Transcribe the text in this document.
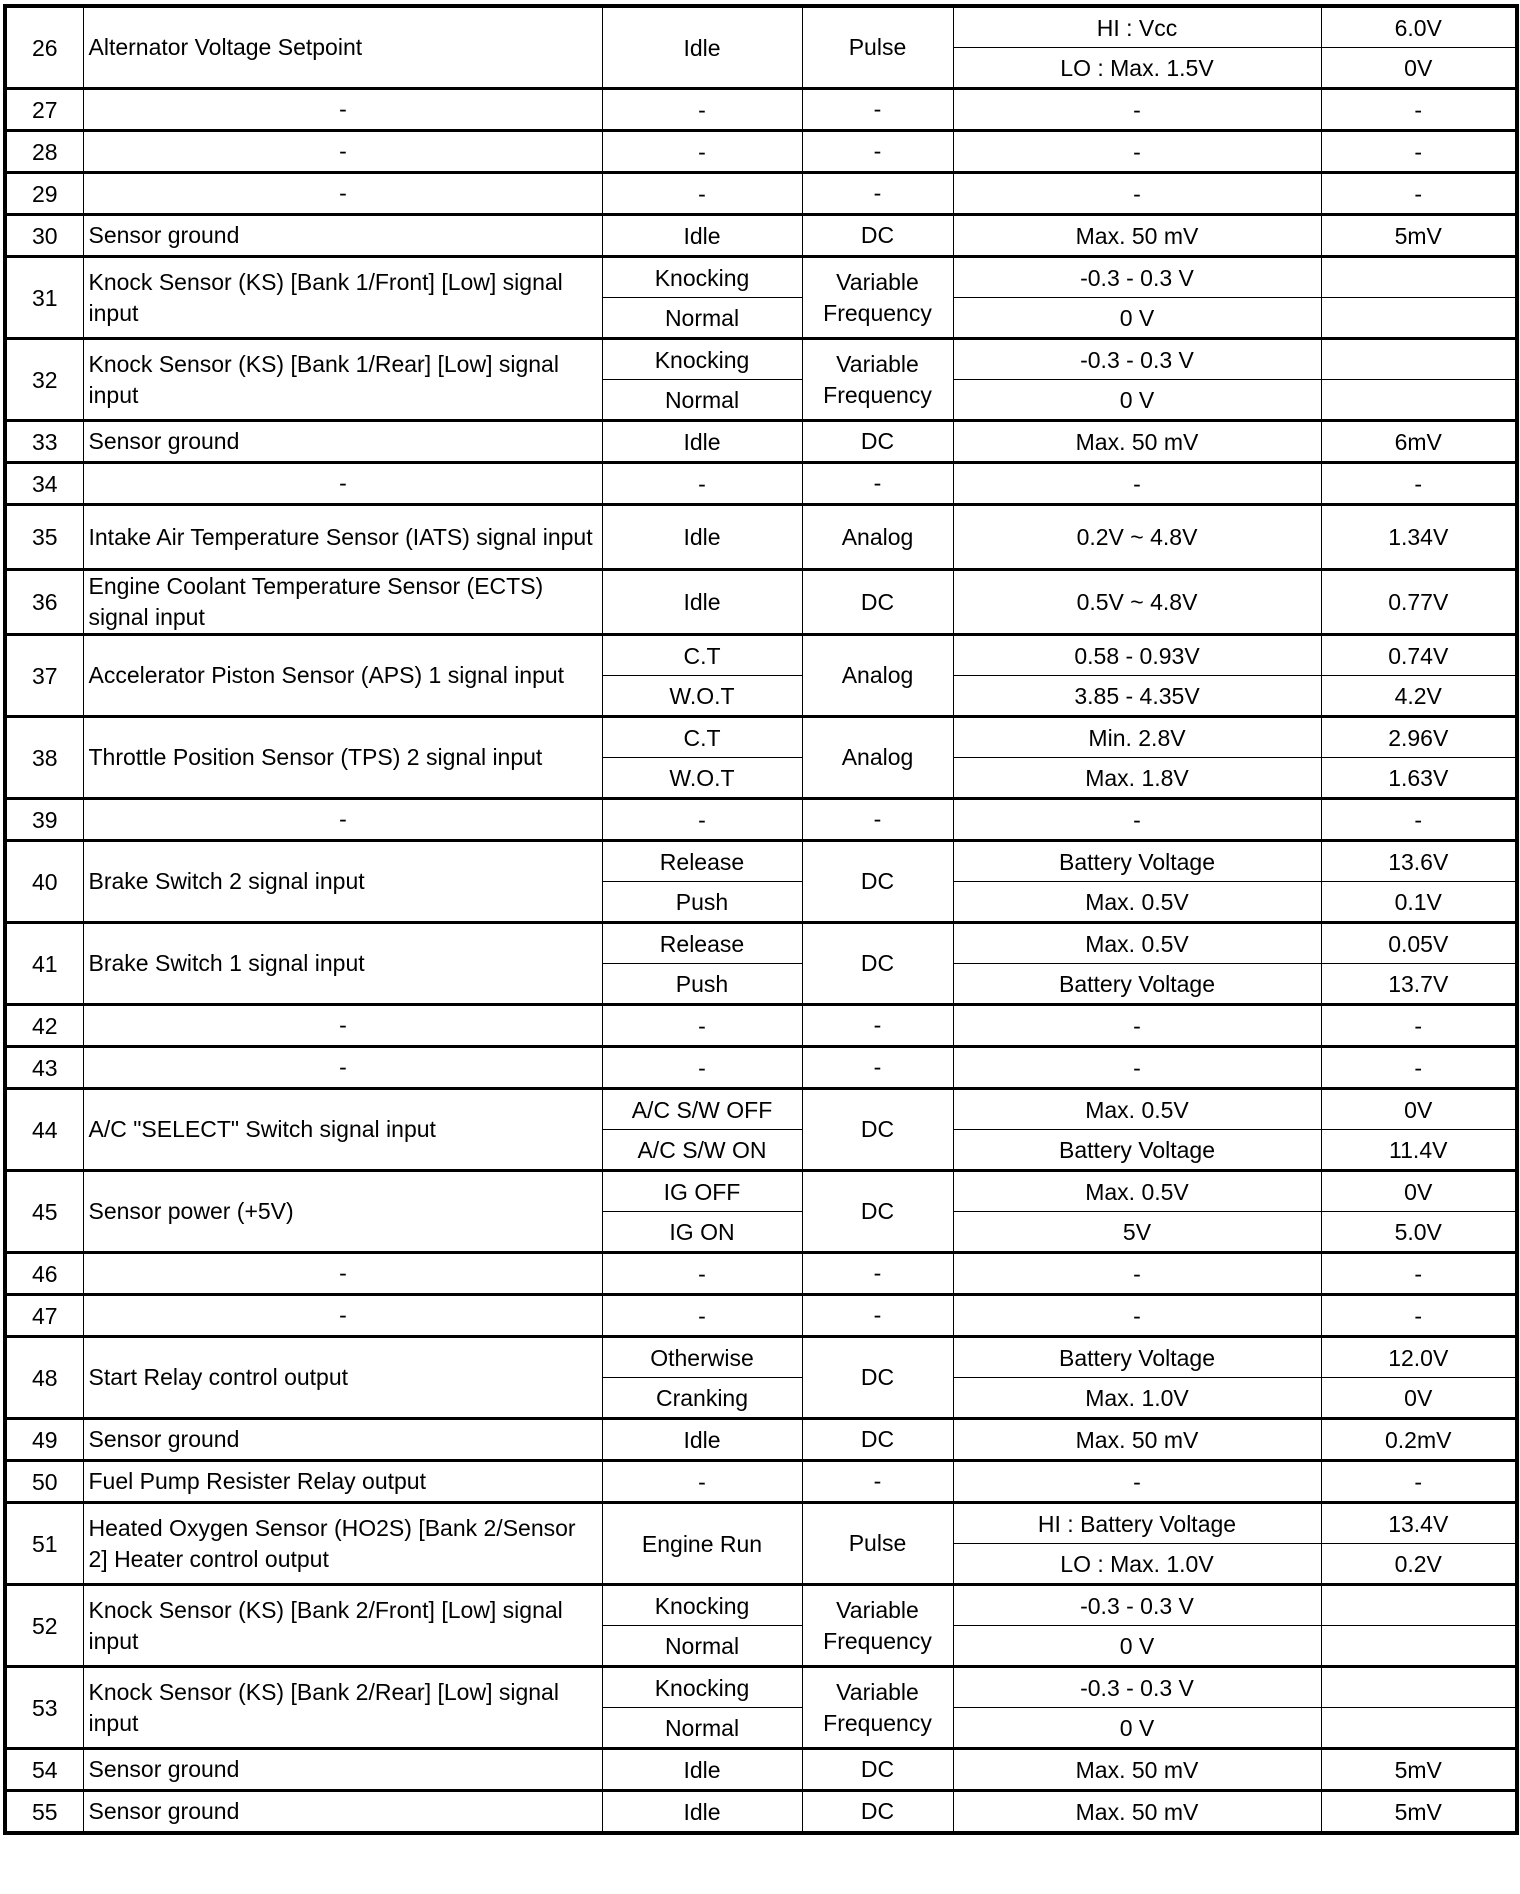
26	Alternator Voltage Setpoint	Idle	Pulse	HI : Vcc	6.0V
				LO : Max. 1.5V	0V
27	-	-	-	-	-
28	-	-	-	-	-
29	-	-	-	-	-
30	Sensor ground	Idle	DC	Max. 50 mV	5mV
31	Knock Sensor (KS) [Bank 1/Front] [Low] signal input	Knocking	Variable Frequency	-0.3 - 0.3 V	
		Normal		0 V	
32	Knock Sensor (KS) [Bank 1/Rear] [Low] signal input	Knocking	Variable Frequency	-0.3 - 0.3 V	
		Normal		0 V	
33	Sensor ground	Idle	DC	Max. 50 mV	6mV
34	-	-	-	-	-
35	Intake Air Temperature Sensor (IATS) signal input	Idle	Analog	0.2V ~ 4.8V	1.34V
36	Engine Coolant Temperature Sensor (ECTS) signal input	Idle	DC	0.5V ~ 4.8V	0.77V
37	Accelerator Piston Sensor (APS) 1 signal input	C.T	Analog	0.58 - 0.93V	0.74V
		W.O.T		3.85 - 4.35V	4.2V
38	Throttle Position Sensor (TPS) 2 signal input	C.T	Analog	Min. 2.8V	2.96V
		W.O.T		Max. 1.8V	1.63V
39	-	-	-	-	-
40	Brake Switch 2 signal input	Release	DC	Battery Voltage	13.6V
		Push		Max. 0.5V	0.1V
41	Brake Switch 1 signal input	Release	DC	Max. 0.5V	0.05V
		Push		Battery Voltage	13.7V
42	-	-	-	-	-
43	-	-	-	-	-
44	A/C "SELECT" Switch signal input	A/C S/W OFF	DC	Max. 0.5V	0V
		A/C S/W ON		Battery Voltage	11.4V
45	Sensor power (+5V)	IG OFF	DC	Max. 0.5V	0V
		IG ON		5V	5.0V
46	-	-	-	-	-
47	-	-	-	-	-
48	Start Relay control output	Otherwise	DC	Battery Voltage	12.0V
		Cranking		Max. 1.0V	0V
49	Sensor ground	Idle	DC	Max. 50 mV	0.2mV
50	Fuel Pump Resister Relay output	-	-	-	-
51	Heated Oxygen Sensor (HO2S) [Bank 2/Sensor 2] Heater control output	Engine Run	Pulse	HI : Battery Voltage	13.4V
				LO : Max. 1.0V	0.2V
52	Knock Sensor (KS) [Bank 2/Front] [Low] signal input	Knocking	Variable Frequency	-0.3 - 0.3 V	
		Normal		0 V	
53	Knock Sensor (KS) [Bank 2/Rear] [Low] signal input	Knocking	Variable Frequency	-0.3 - 0.3 V	
		Normal		0 V	
54	Sensor ground	Idle	DC	Max. 50 mV	5mV
55	Sensor ground	Idle	DC	Max. 50 mV	5mV
